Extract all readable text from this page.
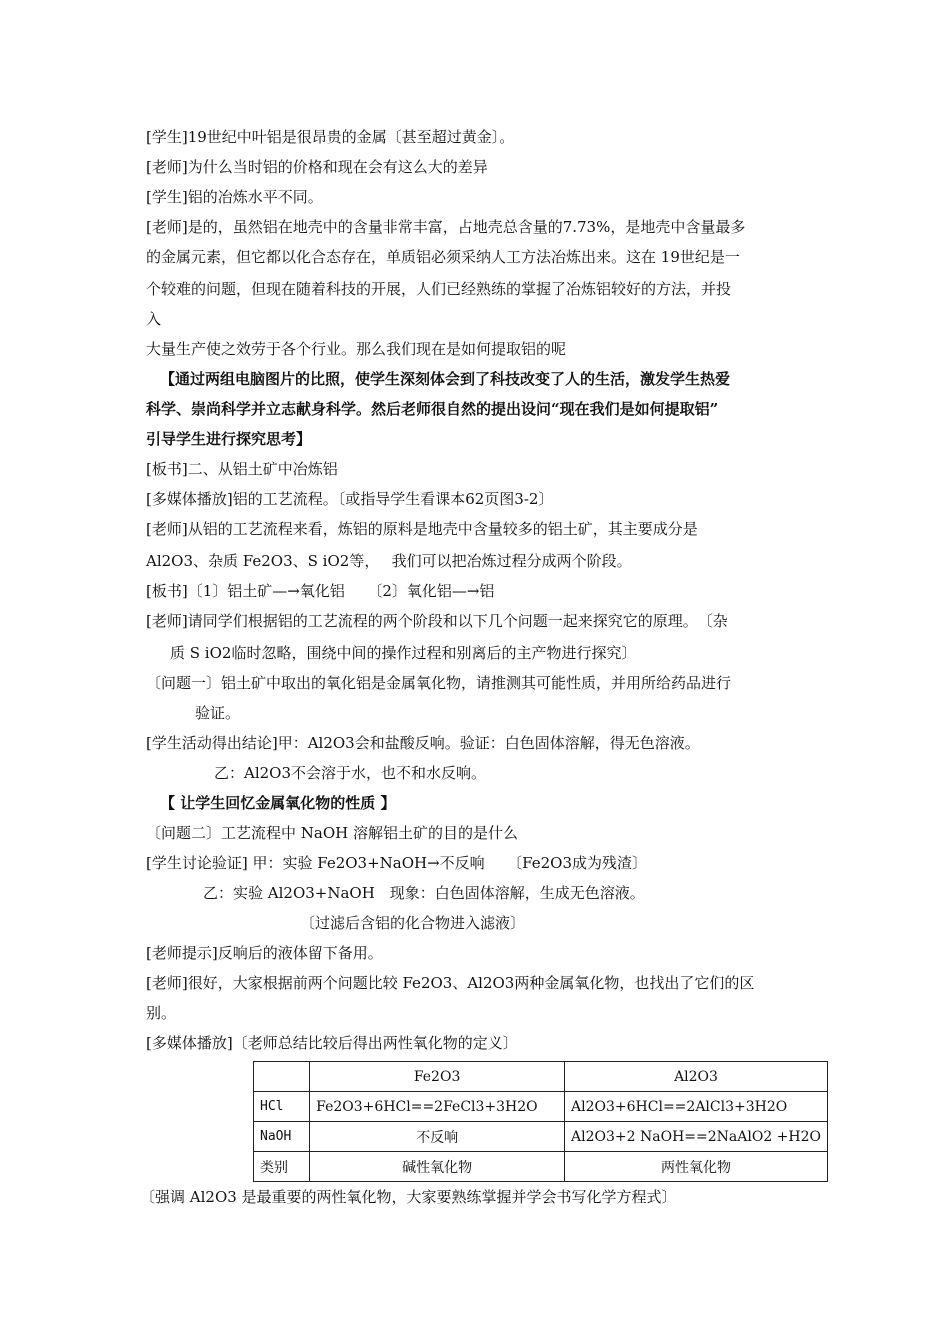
[学生]19世纪中叶铝是很昂贵的金属〔甚至超过黄金〕。
[老师]为什么当时铝的价格和现在会有这么大的差异
[学生]铝的冶炼水平不同。
[老师]是的，虽然铝在地壳中的含量非常丰富，占地壳总含量的7.73%，是地壳中含量最多
的金属元素，但它都以化合态存在，单质铝必须采纳人工方法冶炼出来。这在 19世纪是一
个较难的问题，但现在随着科技的开展，人们已经熟练的掌握了冶炼铝较好的方法，并投
入
大量生产使之效劳于各个行业。那么我们现在是如何提取铝的呢
【通过两组电脑图片的比照，使学生深刻体会到了科技改变了人的生活，激发学生热爱
科学、崇尚科学并立志献身科学。然后老师很自然的提出设问“现在我们是如何提取铝”
引导学生进行探究思考】
[板书]二、从铝土矿中冶炼铝
[多媒体播放]铝的工艺流程。〔或指导学生看课本62页图3-2〕
[老师]从铝的工艺流程来看，炼铝的原料是地壳中含量较多的铝土矿，其主要成分是
Al2O3、杂质 Fe2O3、S iO2等，　 我们可以把冶炼过程分成两个阶段。
[板书]〔1〕铝土矿—→氧化铝　　〔2〕氧化铝—→铝
[老师]请同学们根据铝的工艺流程的两个阶段和以下几个问题一起来探究它的原理。　〔杂
质 S iO2临时忽略，围绕中间的操作过程和别离后的主产物进行探究〕
〔问题一〕铝土矿中取出的氧化铝是金属氧化物，请推测其可能性质，并用所给药品进行
验证。
[学生活动得出结论]甲：Al2O3会和盐酸反响。验证：白色固体溶解，得无色溶液。
乙：Al2O3不会溶于水，也不和水反响。
【 让学生回忆金属氧化物的性质 】
〔问题二〕工艺流程中 NaOH 溶解铝土矿的目的是什么
[学生讨论验证] 甲：实验 Fe2O3+NaOH→不反响　　〔Fe2O3成为残渣〕
乙：实验 Al2O3+NaOH　现象：白色固体溶解，生成无色溶液。
〔过滤后含铝的化合物进入滤液〕
[老师提示]反响后的液体留下备用。
[老师]很好，大家根据前两个问题比较 Fe2O3、Al2O3两种金属氧化物，也找出了它们的区
别。
[多媒体播放]〔老师总结比较后得出两性氧化物的定义〕
	Fe2O3	Al2O3
HCl	Fe2O3+6HCl==2FeCl3+3H2O	Al2O3+6HCl==2AlCl3+3H2O
NaOH	不反响	Al2O3+2 NaOH==2NaAlO2 +H2O
类别	碱性氧化物	两性氧化物
〔强调 Al2O3 是最重要的两性氧化物，大家要熟练掌握并学会书写化学方程式〕
